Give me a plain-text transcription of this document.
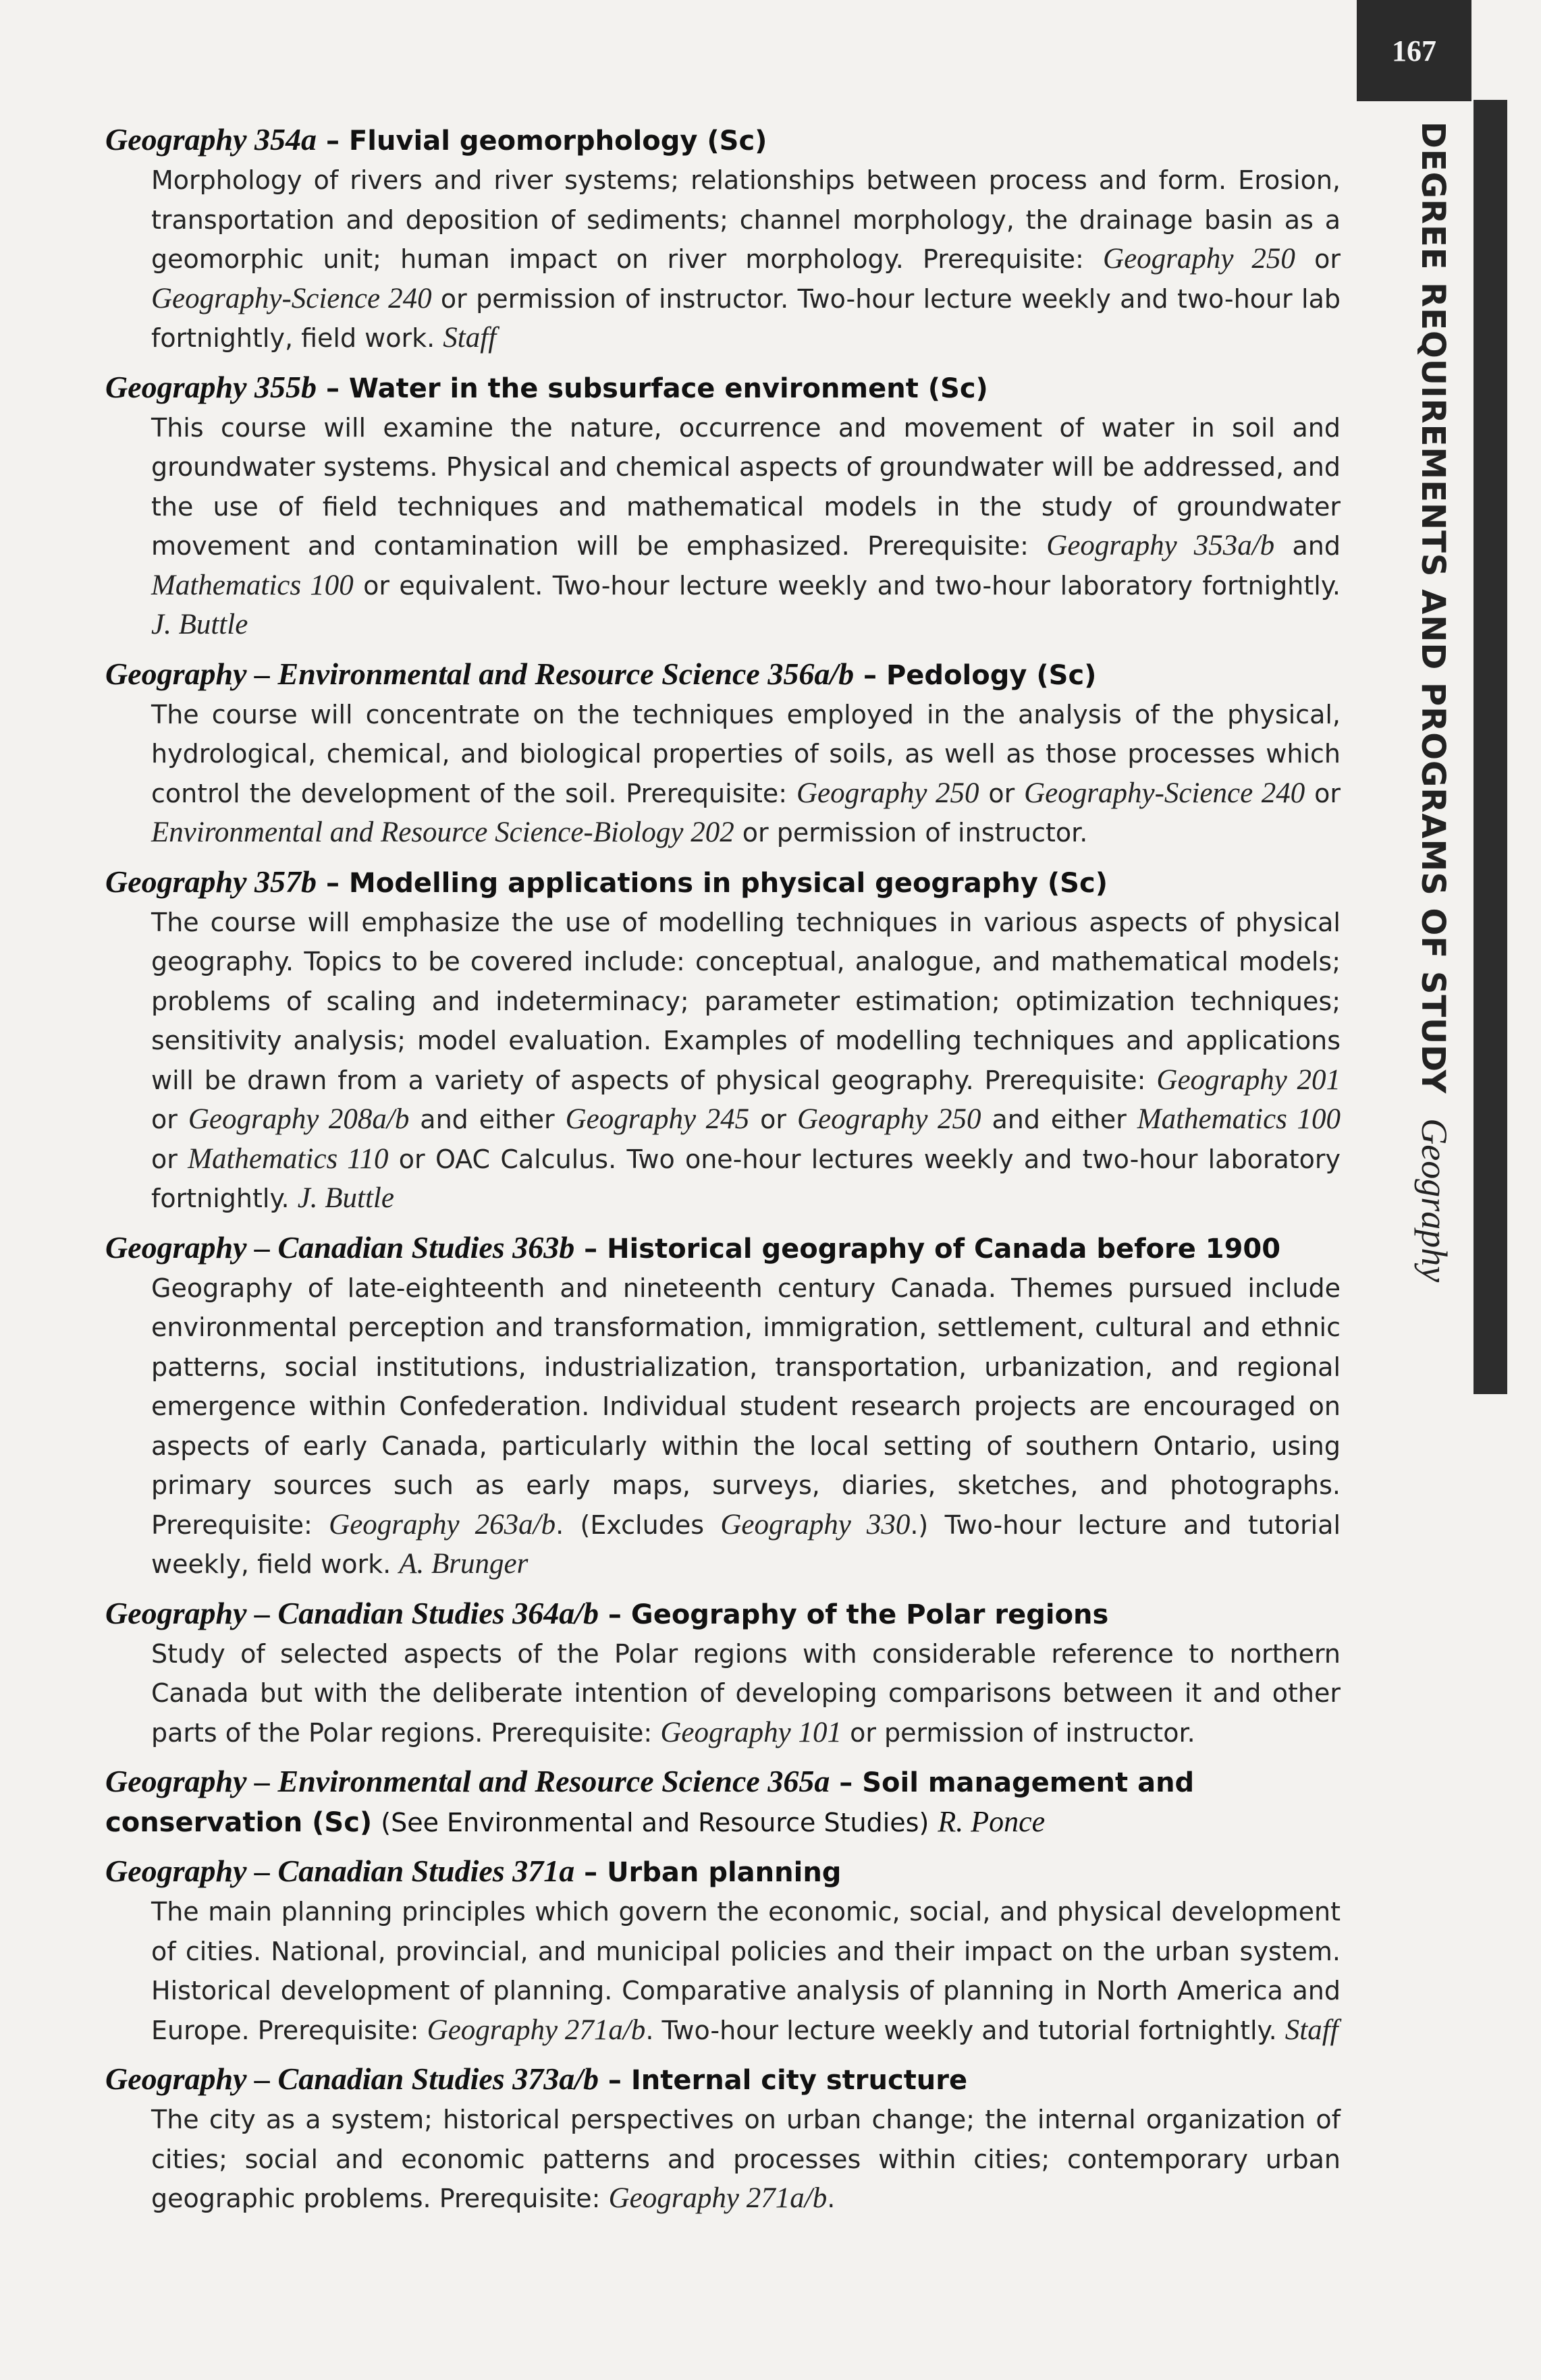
167
DEGREE REQUIREMENTS AND PROGRAMS OF STUDYGeography
Geography 354a – Fluvial geomorphology (Sc)
Morphology of rivers and river systems; relationships between process and form. Erosion, transportation and deposition of sediments; channel morphology, the drainage basin as a geomorphic unit; human impact on river morphology. Prerequisite: Geography 250 or Geography-Science 240 or permission of instructor. Two-hour lecture weekly and two-hour lab fortnightly, field work. Staff
Geography 355b – Water in the subsurface environment (Sc)
This course will examine the nature, occurrence and movement of water in soil and groundwater systems. Physical and chemical aspects of groundwater will be addressed, and the use of field techniques and mathematical models in the study of groundwater movement and contamination will be emphasized. Prerequisite: Geography 353a/b and Mathematics 100 or equivalent. Two-hour lecture weekly and two-hour laboratory fortnightly. J. Buttle
Geography – Environmental and Resource Science 356a/b – Pedology (Sc)
The course will concentrate on the techniques employed in the analysis of the physical, hydrological, chemical, and biological properties of soils, as well as those processes which control the development of the soil. Prerequisite: Geography 250 or Geography-Science 240 or Environmental and Resource Science-Biology 202 or permission of instructor.
Geography 357b – Modelling applications in physical geography (Sc)
The course will emphasize the use of modelling techniques in various aspects of physical geography. Topics to be covered include: conceptual, analogue, and mathematical models; problems of scaling and indeterminacy; parameter estimation; optimization techniques; sensitivity analysis; model evaluation. Examples of modelling techniques and applications will be drawn from a variety of aspects of physical geography. Prerequisite: Geography 201 or Geography 208a/b and either Geography 245 or Geography 250 and either Mathematics 100 or Mathematics 110 or OAC Calculus. Two one-hour lectures weekly and two-hour laboratory fortnightly. J. Buttle
Geography – Canadian Studies 363b – Historical geography of Canada before 1900
Geography of late-eighteenth and nineteenth century Canada. Themes pursued include environmental perception and transformation, immigration, settlement, cultural and ethnic patterns, social institutions, industrialization, transportation, urbanization, and regional emergence within Confederation. Individual student research projects are encouraged on aspects of early Canada, particularly within the local setting of southern Ontario, using primary sources such as early maps, surveys, diaries, sketches, and photographs. Prerequisite: Geography 263a/b. (Excludes Geography 330.) Two-hour lecture and tutorial weekly, field work. A. Brunger
Geography – Canadian Studies 364a/b – Geography of the Polar regions
Study of selected aspects of the Polar regions with considerable reference to northern Canada but with the deliberate intention of developing comparisons between it and other parts of the Polar regions. Prerequisite: Geography 101 or permission of instructor.
Geography – Environmental and Resource Science 365a – Soil management and conservation (Sc) (See Environmental and Resource Studies) R. Ponce
Geography – Canadian Studies 371a – Urban planning
The main planning principles which govern the economic, social, and physical development of cities. National, provincial, and municipal policies and their impact on the urban system. Historical development of planning. Comparative analysis of planning in North America and Europe. Prerequisite: Geography 271a/b. Two-hour lecture weekly and tutorial fortnightly. Staff
Geography – Canadian Studies 373a/b – Internal city structure
The city as a system; historical perspectives on urban change; the internal organization of cities; social and economic patterns and processes within cities; contemporary urban geographic problems. Prerequisite: Geography 271a/b.
